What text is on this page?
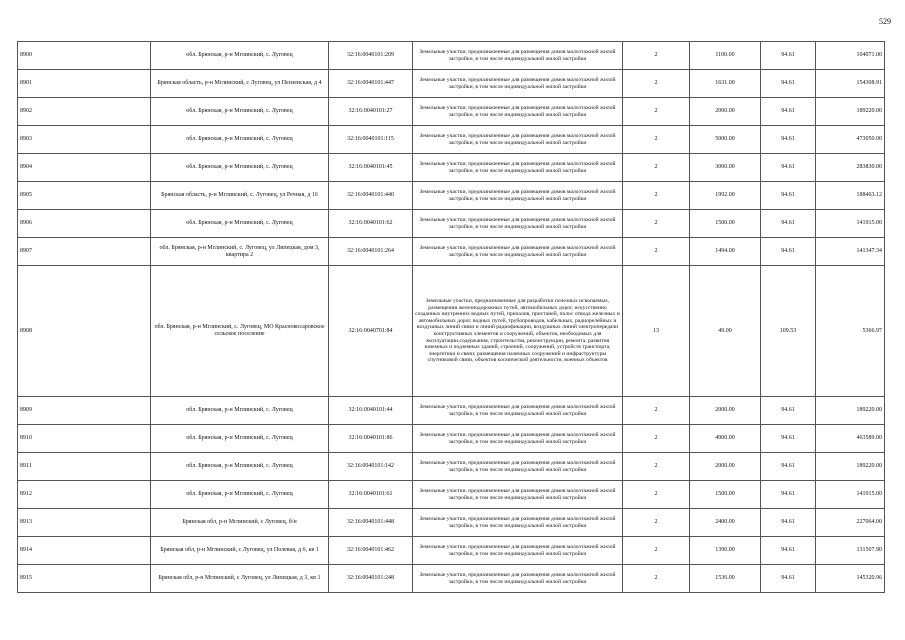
529
8900	обл. Брянская, р-н Мглинский, с. Луговец	32:16:0040101:209	Земельные участки, предназначенные для размещения домов малоэтажной жилой застройки, в том числе индивидуальной жилой застройки	2	1100.00	94.61	104071.00
8901	Брянская область, р-н Мглинский, с Луговец, ул Пензенская, д 4	32:16:0040101:447	Земельные участки, предназначенные для размещения домов малоэтажной жилой застройки, в том числе индивидуальной жилой застройки	2	1631.00	94.61	154308.91
8902	обл. Брянская, р-н Мглинский, с. Луговец	32:16:0040101:27	Земельные участки, предназначенные для размещения домов малоэтажной жилой застройки, в том числе индивидуальной жилой застройки	2	2000.00	94.61	189220.00
8903	обл. Брянская, р-н Мглинский, с. Луговец	32:16:0040101:115	Земельные участки, предназначенные для размещения домов малоэтажной жилой застройки, в том числе индивидуальной жилой застройки	2	5000.00	94.61	473050.00
8904	обл. Брянская, р-н Мглинский, с. Луговец	32:16:0040101:45	Земельные участки, предназначенные для размещения домов малоэтажной жилой застройки, в том числе индивидуальной жилой застройки	2	3000.00	94.61	283830.00
8905	Брянская область, р-н Мглинский, с. Луговец, ул Речная, д 16	32:16:0040101:440	Земельные участки, предназначенные для размещения домов малоэтажной жилой застройки, в том числе индивидуальной жилой застройки	2	1992.00	94.61	188463.12
8906	обл. Брянская, р-н Мглинский, с. Луговец	32:16:0040101:62	Земельные участки, предназначенные для размещения домов малоэтажной жилой застройки, в том числе индивидуальной жилой застройки	2	1500.00	94.61	141915.00
8907	обл. Брянская, р-н Мглинский, с. Луговец, ул Липецкая, дом 3, квартира 2	32:16:0040101:264	Земельные участки, предназначенные для размещения домов малоэтажной жилой застройки, в том числе индивидуальной жилой застройки	2	1494.00	94.61	141347.34
8908	обл. Брянская, р-н Мглинский, с. Луговец, МО Краснокосаровское сельское поселение	32:16:0040701:84	Земельные участки, предназначенные для разработки полезных ископаемых, размещения железнодорожных путей, автомобильных дорог, искусственно созданных внутренних водных путей, причалов, пристаней, полос отвода железных и автомобильных дорог, водных путей, трубопроводов, кабельных, радиорелейных и воздушных линий связи и линий радиофикации, воздушных линий электропередачи конструктивных элементов и сооружений, объектов, необходимых для эксплуатации,содержания, строительства, реконструкции, ремонта, развития наземных и подземных зданий, строений, сооружений, устройств транспорта, энергетики и связи; размещения наземных сооружений и инфраструктуры спутниковой связи, объектов космической деятельности, военных объектов	13	49.00	109.53	5366.97
8909	обл. Брянская, р-н Мглинский, с. Луговец	32:16:0040101:44	Земельные участки, предназначенные для размещения домов малоэтажной жилой застройки, в том числе индивидуальной жилой застройки	2	2000.00	94.61	189220.00
8910	обл. Брянская, р-н Мглинский, с. Луговец	32:16:0040101:86	Земельные участки, предназначенные для размещения домов малоэтажной жилой застройки, в том числе индивидуальной жилой застройки	2	4900.00	94.61	463589.00
8911	обл. Брянская, р-н Мглинский, с. Луговец	32:16:0040101:142	Земельные участки, предназначенные для размещения домов малоэтажной жилой застройки, в том числе индивидуальной жилой застройки	2	2000.00	94.61	189220.00
8912	обл. Брянская, р-н Мглинский, с. Луговец	32:16:0040101:61	Земельные участки, предназначенные для размещения домов малоэтажной жилой застройки, в том числе индивидуальной жилой застройки	2	1500.00	94.61	141915.00
8913	Брянская обл, р-н Мглинский, с Луговец, б/н	32:16:0040101:448	Земельные участки, предназначенные для размещения домов малоэтажной жилой застройки, в том числе индивидуальной жилой застройки	2	2400.00	94.61	227064.00
8914	Брянская обл, р-н Мглинский, с Луговец, ул Полевая, д 6, кв 1	32:16:0040101:462	Земельные участки, предназначенные для размещения домов малоэтажной жилой застройки, в том числе индивидуальной жилой застройки	2	1390.00	94.61	131507.90
8915	Брянская обл, р-н Мглинский, с Луговец, ул Липецкая, д 3, кв 1	32:16:0040101:248	Земельные участки, предназначенные для размещения домов малоэтажной жилой застройки, в том числе индивидуальной жилой застройки	2	1536.00	94.61	145320.96
